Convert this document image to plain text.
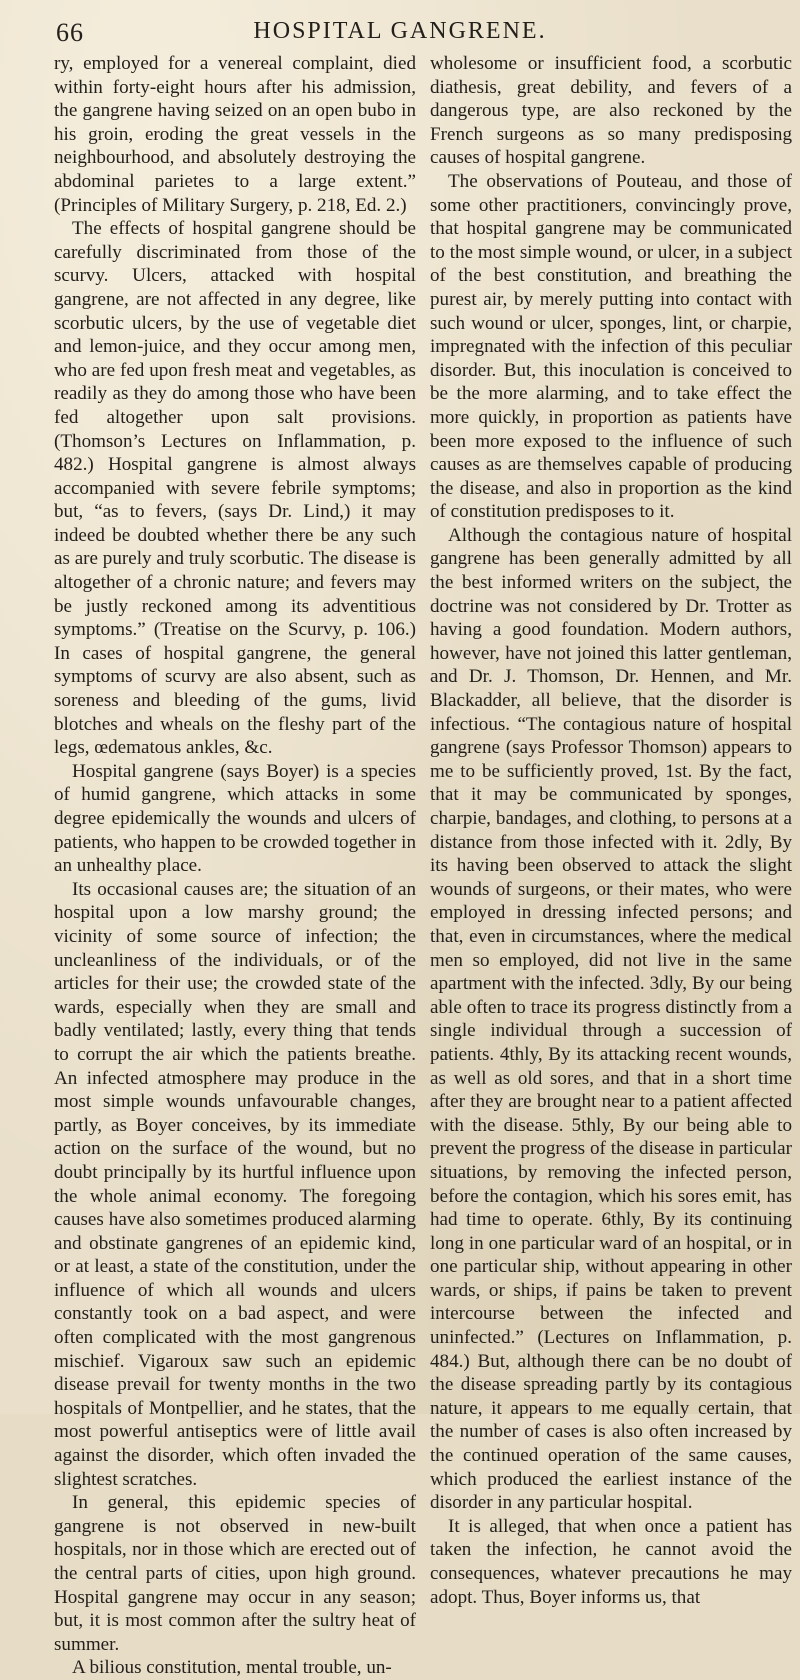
66	HOSPITAL GANGRENE.

ry, employed for a venereal complaint, died within forty-eight hours after his admission, the gangrene having seized on an open bubo in his groin, eroding the great vessels in the neighbourhood, and absolutely destroying the abdominal parietes to a large extent.” (Principles of Military Surgery, p. 218, Ed. 2.)

The effects of hospital gangrene should be carefully discriminated from those of the scurvy. Ulcers, attacked with hospital gangrene, are not affected in any degree, like scorbutic ulcers, by the use of vegetable diet and lemon-juice, and they occur among men, who are fed upon fresh meat and vegetables, as readily as they do among those who have been fed altogether upon salt provisions. (Thomson’s Lectures on Inflammation, p. 482.) Hospital gangrene is almost always accompanied with severe febrile symptoms; but, “as to fevers, (says Dr. Lind,) it may indeed be doubted whether there be any such as are purely and truly scorbutic. The disease is altogether of a chronic nature; and fevers may be justly reckoned among its adventitious symptoms.” (Treatise on the Scurvy, p. 106.) In cases of hospital gangrene, the general symptoms of scurvy are also absent, such as soreness and bleeding of the gums, livid blotches and wheals on the fleshy part of the legs, œdematous ankles, &c.

Hospital gangrene (says Boyer) is a species of humid gangrene, which attacks in some degree epidemically the wounds and ulcers of patients, who happen to be crowded together in an unhealthy place.

Its occasional causes are; the situation of an hospital upon a low marshy ground; the vicinity of some source of infection; the uncleanliness of the individuals, or of the articles for their use; the crowded state of the wards, especially when they are small and badly ventilated; lastly, every thing that tends to corrupt the air which the patients breathe. An infected atmosphere may produce in the most simple wounds unfavourable changes, partly, as Boyer conceives, by its immediate action on the surface of the wound, but no doubt principally by its hurtful influence upon the whole animal economy. The foregoing causes have also sometimes produced alarming and obstinate gangrenes of an epidemic kind, or at least, a state of the constitution, under the influence of which all wounds and ulcers constantly took on a bad aspect, and were often complicated with the most gangrenous mischief. Vigaroux saw such an epidemic disease prevail for twenty months in the two hospitals of Montpellier, and he states, that the most powerful antiseptics were of little avail against the disorder, which often invaded the slightest scratches.

In general, this epidemic species of gangrene is not observed in new-built hospitals, nor in those which are erected out of the central parts of cities, upon high ground. Hospital gangrene may occur in any season; but, it is most common after the sultry heat of summer.

A bilious constitution, mental trouble, un-

wholesome or insufficient food, a scorbutic diathesis, great debility, and fevers of a dangerous type, are also reckoned by the French surgeons as so many predisposing causes of hospital gangrene.

The observations of Pouteau, and those of some other practitioners, convincingly prove, that hospital gangrene may be communicated to the most simple wound, or ulcer, in a subject of the best constitution, and breathing the purest air, by merely putting into contact with such wound or ulcer, sponges, lint, or charpie, impregnated with the infection of this peculiar disorder. But, this inoculation is conceived to be the more alarming, and to take effect the more quickly, in proportion as patients have been more exposed to the influence of such causes as are themselves capable of producing the disease, and also in proportion as the kind of constitution predisposes to it.

Although the contagious nature of hospital gangrene has been generally admitted by all the best informed writers on the subject, the doctrine was not considered by Dr. Trotter as having a good foundation. Modern authors, however, have not joined this latter gentleman, and Dr. J. Thomson, Dr. Hennen, and Mr. Blackadder, all believe, that the disorder is infectious. “The contagious nature of hospital gangrene (says Professor Thomson) appears to me to be sufficiently proved, 1st. By the fact, that it may be communicated by sponges, charpie, bandages, and clothing, to persons at a distance from those infected with it. 2dly, By its having been observed to attack the slight wounds of surgeons, or their mates, who were employed in dressing infected persons; and that, even in circumstances, where the medical men so employed, did not live in the same apartment with the infected. 3dly, By our being able often to trace its progress distinctly from a single individual through a succession of patients. 4thly, By its attacking recent wounds, as well as old sores, and that in a short time after they are brought near to a patient affected with the disease. 5thly, By our being able to prevent the progress of the disease in particular situations, by removing the infected person, before the contagion, which his sores emit, has had time to operate. 6thly, By its continuing long in one particular ward of an hospital, or in one particular ship, without appearing in other wards, or ships, if pains be taken to prevent intercourse between the infected and uninfected.” (Lectures on Inflammation, p. 484.) But, although there can be no doubt of the disease spreading partly by its contagious nature, it appears to me equally certain, that the number of cases is also often increased by the continued operation of the same causes, which produced the earliest instance of the disorder in any particular hospital.

It is alleged, that when once a patient has taken the infection, he cannot avoid the consequences, whatever precautions he may adopt. Thus, Boyer informs us, that
